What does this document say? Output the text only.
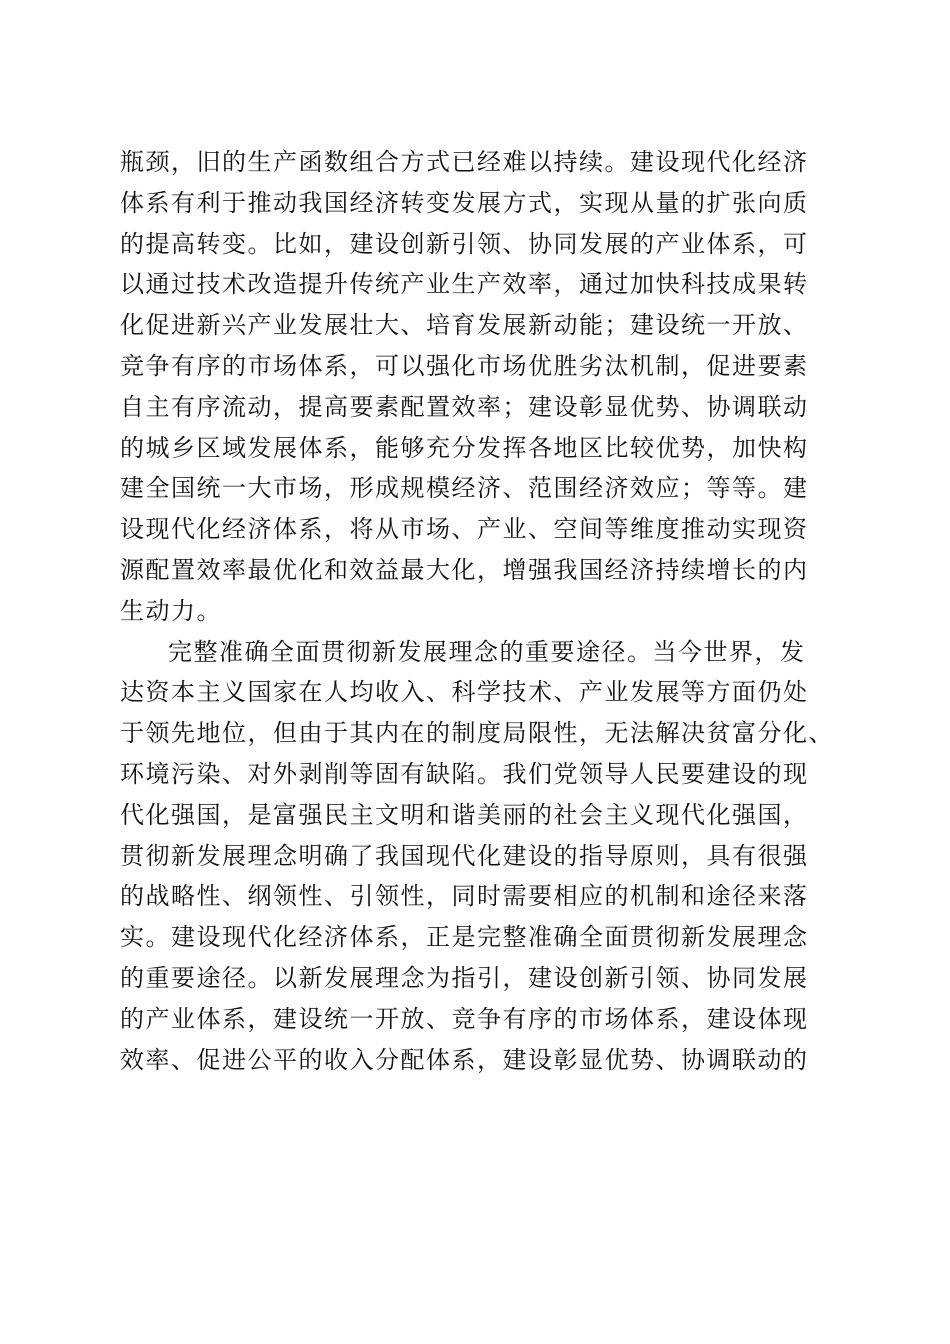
瓶颈，旧的生产函数组合方式已经难以持续。建设现代化经济
体系有利于推动我国经济转变发展方式，实现从量的扩张向质
的提高转变。比如，建设创新引领、协同发展的产业体系，可
以通过技术改造提升传统产业生产效率，通过加快科技成果转
化促进新兴产业发展壮大、培育发展新动能；建设统一开放、
竞争有序的市场体系，可以强化市场优胜劣汰机制，促进要素
自主有序流动，提高要素配置效率；建设彰显优势、协调联动
的城乡区域发展体系，能够充分发挥各地区比较优势，加快构
建全国统一大市场，形成规模经济、范围经济效应；等等。建
设现代化经济体系，将从市场、产业、空间等维度推动实现资
源配置效率最优化和效益最大化，增强我国经济持续增长的内
生动力。
完整准确全面贯彻新发展理念的重要途径。当今世界，发
达资本主义国家在人均收入、科学技术、产业发展等方面仍处
于领先地位，但由于其内在的制度局限性，无法解决贫富分化、
环境污染、对外剥削等固有缺陷。我们党领导人民要建设的现
代化强国，是富强民主文明和谐美丽的社会主义现代化强国，
贯彻新发展理念明确了我国现代化建设的指导原则，具有很强
的战略性、纲领性、引领性，同时需要相应的机制和途径来落
实。建设现代化经济体系，正是完整准确全面贯彻新发展理念
的重要途径。以新发展理念为指引，建设创新引领、协同发展
的产业体系，建设统一开放、竞争有序的市场体系，建设体现
效率、促进公平的收入分配体系，建设彰显优势、协调联动的
